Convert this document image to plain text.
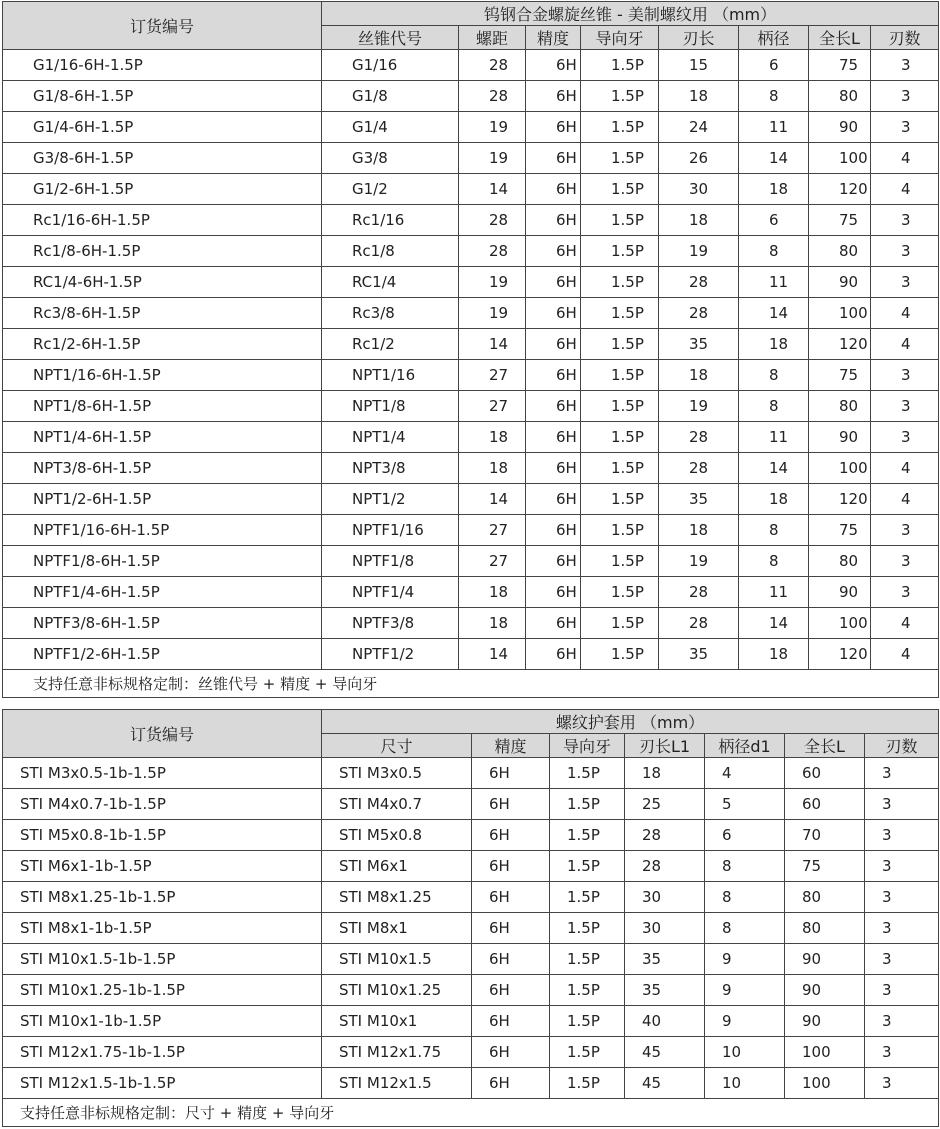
订货编号	钨钢合金螺旋丝锥 - 美制螺纹用 （mm）							
	丝锥代号	螺距	精度	导向牙	刃长	柄径	全长L	刃数
G1/16-6H-1.5P	G1/16	28	6H	1.5P	15	6	75	3
G1/8-6H-1.5P	G1/8	28	6H	1.5P	18	8	80	3
G1/4-6H-1.5P	G1/4	19	6H	1.5P	24	11	90	3
G3/8-6H-1.5P	G3/8	19	6H	1.5P	26	14	100	4
G1/2-6H-1.5P	G1/2	14	6H	1.5P	30	18	120	4
Rc1/16-6H-1.5P	Rc1/16	28	6H	1.5P	18	6	75	3
Rc1/8-6H-1.5P	Rc1/8	28	6H	1.5P	19	8	80	3
RC1/4-6H-1.5P	RC1/4	19	6H	1.5P	28	11	90	3
Rc3/8-6H-1.5P	Rc3/8	19	6H	1.5P	28	14	100	4
Rc1/2-6H-1.5P	Rc1/2	14	6H	1.5P	35	18	120	4
NPT1/16-6H-1.5P	NPT1/16	27	6H	1.5P	18	8	75	3
NPT1/8-6H-1.5P	NPT1/8	27	6H	1.5P	19	8	80	3
NPT1/4-6H-1.5P	NPT1/4	18	6H	1.5P	28	11	90	3
NPT3/8-6H-1.5P	NPT3/8	18	6H	1.5P	28	14	100	4
NPT1/2-6H-1.5P	NPT1/2	14	6H	1.5P	35	18	120	4
NPTF1/16-6H-1.5P	NPTF1/16	27	6H	1.5P	18	8	75	3
NPTF1/8-6H-1.5P	NPTF1/8	27	6H	1.5P	19	8	80	3
NPTF1/4-6H-1.5P	NPTF1/4	18	6H	1.5P	28	11	90	3
NPTF3/8-6H-1.5P	NPTF3/8	18	6H	1.5P	28	14	100	4
NPTF1/2-6H-1.5P	NPTF1/2	14	6H	1.5P	35	18	120	4
支持任意非标规格定制：丝锥代号 + 精度 + 导向牙								
订货编号	螺纹护套用 （mm）						
	尺寸	精度	导向牙	刃长L1	柄径d1	全长L	刃数
STI M3x0.5-1b-1.5P	STI M3x0.5	6H	1.5P	18	4	60	3
STI M4x0.7-1b-1.5P	STI M4x0.7	6H	1.5P	25	5	60	3
STI M5x0.8-1b-1.5P	STI M5x0.8	6H	1.5P	28	6	70	3
STI M6x1-1b-1.5P	STI M6x1	6H	1.5P	28	8	75	3
STI M8x1.25-1b-1.5P	STI M8x1.25	6H	1.5P	30	8	80	3
STI M8x1-1b-1.5P	STI M8x1	6H	1.5P	30	8	80	3
STI M10x1.5-1b-1.5P	STI M10x1.5	6H	1.5P	35	9	90	3
STI M10x1.25-1b-1.5P	STI M10x1.25	6H	1.5P	35	9	90	3
STI M10x1-1b-1.5P	STI M10x1	6H	1.5P	40	9	90	3
STI M12x1.75-1b-1.5P	STI M12x1.75	6H	1.5P	45	10	100	3
STI M12x1.5-1b-1.5P	STI M12x1.5	6H	1.5P	45	10	100	3
支持任意非标规格定制：尺寸 + 精度 + 导向牙							
